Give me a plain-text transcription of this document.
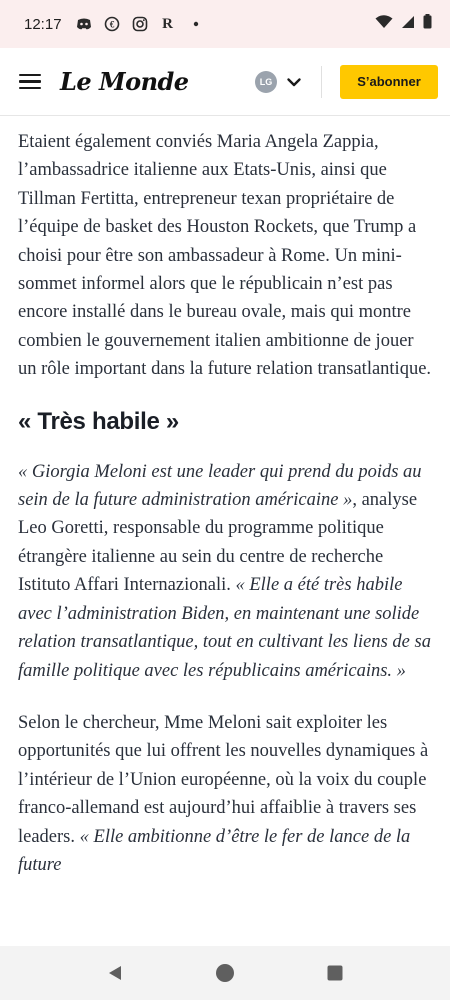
12:17	€	R
Le Monde	LG	S’abonner

Etaient également conviés Maria Angela Zappia, l’ambassadrice italienne aux Etats-Unis, ainsi que Tillman Fertitta, entrepreneur texan propriétaire de l’équipe de basket des Houston Rockets, que Trump a choisi pour être son ambassadeur à Rome. Un mini-sommet informel alors que le républicain n’est pas encore installé dans le bureau ovale, mais qui montre combien le gouvernement italien ambitionne de jouer un rôle important dans la future relation transatlantique.

« Très habile »

« Giorgia Meloni est une leader qui prend du poids au sein de la future administration américaine », analyse Leo Goretti, responsable du programme politique étrangère italienne au sein du centre de recherche Istituto Affari Internazionali. « Elle a été très habile avec l’administration Biden, en maintenant une solide relation transatlantique, tout en cultivant les liens de sa famille politique avec les républicains américains. »

Selon le chercheur, Mme Meloni sait exploiter les opportunités que lui offrent les nouvelles dynamiques à l’intérieur de l’Union européenne, où la voix du couple franco-allemand est aujourd’hui affaiblie à travers ses leaders. « Elle ambitionne d’être le fer de lance de la future
